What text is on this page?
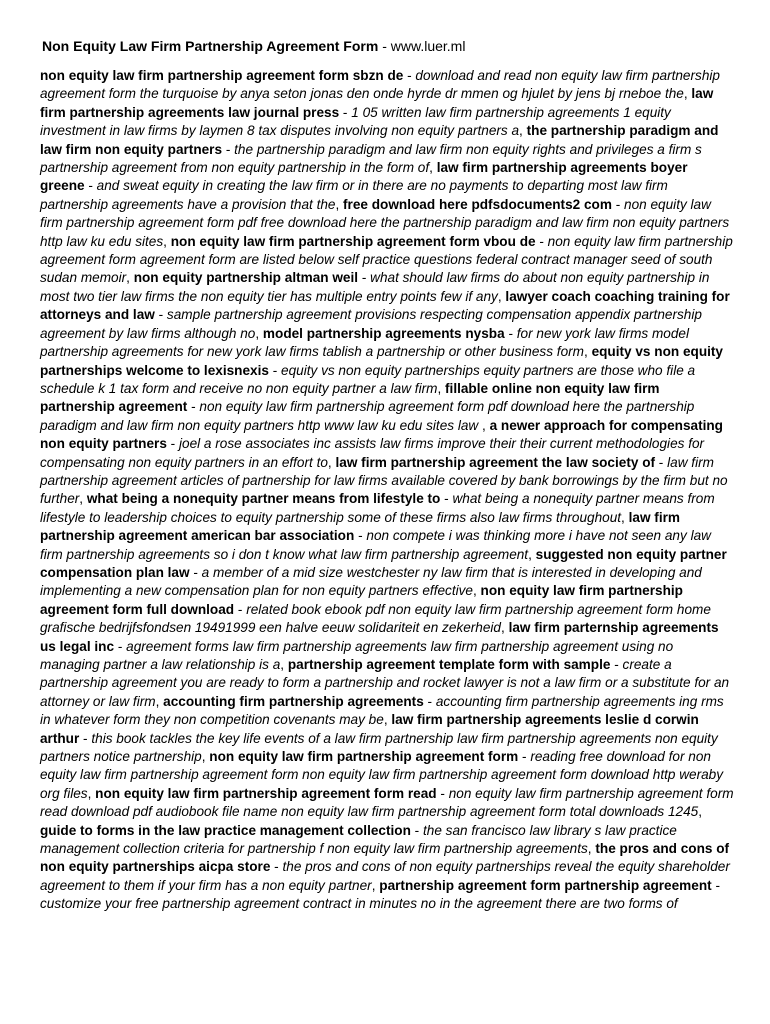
Non Equity Law Firm Partnership Agreement Form - www.luer.ml

non equity law firm partnership agreement form sbzn de - download and read non equity law firm partnership agreement form the turquoise by anya seton jonas den onde hyrde dr mmen og hjulet by jens bj rneboe the, law firm partnership agreements law journal press - 1 05 written law firm partnership agreements 1 equity investment in law firms by laymen 8 tax disputes involving non equity partners a, the partnership paradigm and law firm non equity partners - the partnership paradigm and law firm non equity rights and privileges a firm s partnership agreement from non equity partnership in the form of, law firm partnership agreements boyer greene - and sweat equity in creating the law firm or in there are no payments to departing most law firm partnership agreements have a provision that the, free download here pdfsdocuments2 com - non equity law firm partnership agreement form pdf free download here the partnership paradigm and law firm non equity partners http law ku edu sites, non equity law firm partnership agreement form vbou de - non equity law firm partnership agreement form agreement form are listed below self practice questions federal contract manager seed of south sudan memoir, non equity partnership altman weil - what should law firms do about non equity partnership in most two tier law firms the non equity tier has multiple entry points few if any, lawyer coach coaching training for attorneys and law - sample partnership agreement provisions respecting compensation appendix partnership agreement by law firms although no, model partnership agreements nysba - for new york law firms model partnership agreements for new york law firms tablish a partnership or other business form, equity vs non equity partnerships welcome to lexisnexis - equity vs non equity partnerships equity partners are those who file a schedule k 1 tax form and receive no non equity partner a law firm, fillable online non equity law firm partnership agreement - non equity law firm partnership agreement form pdf download here the partnership paradigm and law firm non equity partners http www law ku edu sites law , a newer approach for compensating non equity partners - joel a rose associates inc assists law firms improve their their current methodologies for compensating non equity partners in an effort to, law firm partnership agreement the law society of - law firm partnership agreement articles of partnership for law firms available covered by bank borrowings by the firm but no further, what being a nonequity partner means from lifestyle to - what being a nonequity partner means from lifestyle to leadership choices to equity partnership some of these firms also law firms throughout, law firm partnership agreement american bar association - non compete i was thinking more i have not seen any law firm partnership agreements so i don t know what law firm partnership agreement, suggested non equity partner compensation plan law - a member of a mid size westchester ny law firm that is interested in developing and implementing a new compensation plan for non equity partners effective, non equity law firm partnership agreement form full download - related book ebook pdf non equity law firm partnership agreement form home grafische bedrijfsfondsen 19491999 een halve eeuw solidariteit en zekerheid, law firm parternship agreements us legal inc - agreement forms law firm partnership agreements law firm partnership agreement using no managing partner a law relationship is a, partnership agreement template form with sample - create a partnership agreement you are ready to form a partnership and rocket lawyer is not a law firm or a substitute for an attorney or law firm, accounting firm partnership agreements - accounting firm partnership agreements ing rms in whatever form they non competition covenants may be, law firm partnership agreements leslie d corwin arthur - this book tackles the key life events of a law firm partnership law firm partnership agreements non equity partners notice partnership, non equity law firm partnership agreement form - reading free download for non equity law firm partnership agreement form non equity law firm partnership agreement form download http weraby org files, non equity law firm partnership agreement form read - non equity law firm partnership agreement form read download pdf audiobook file name non equity law firm partnership agreement form total downloads 1245, guide to forms in the law practice management collection - the san francisco law library s law practice management collection criteria for partnership f non equity law firm partnership agreements, the pros and cons of non equity partnerships aicpa store - the pros and cons of non equity partnerships reveal the equity shareholder agreement to them if your firm has a non equity partner, partnership agreement form partnership agreement - customize your free partnership agreement contract in minutes no in the agreement there are two forms of
